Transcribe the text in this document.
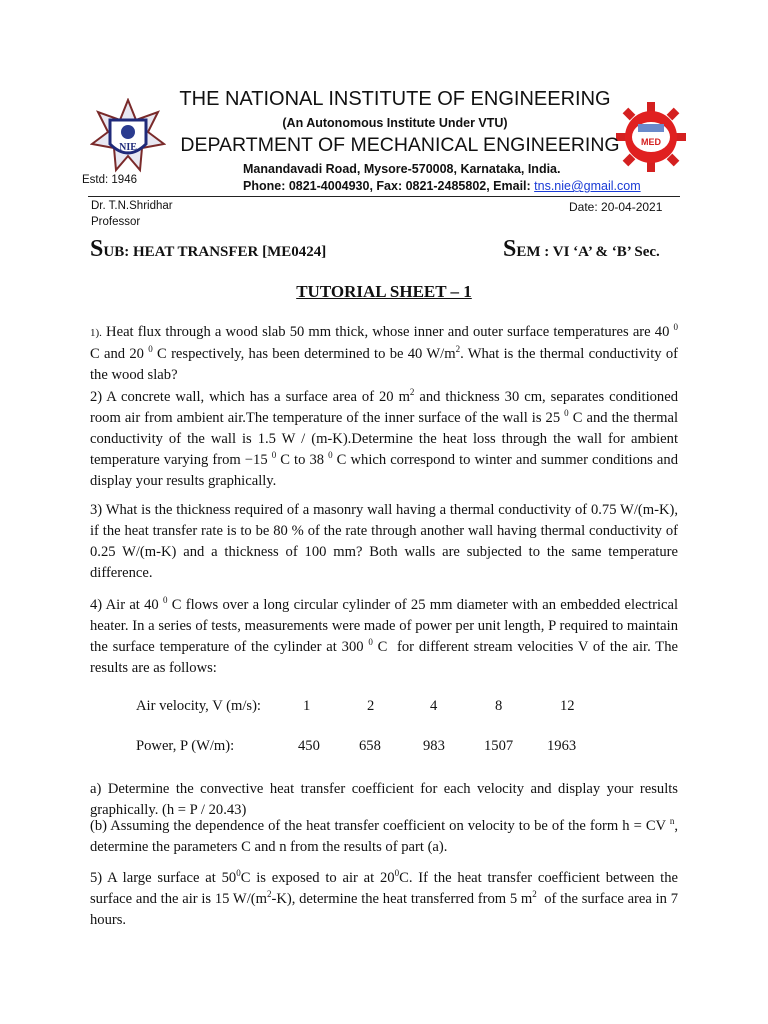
NIE	MED
THE NATIONAL INSTITUTE OF ENGINEERING
(An Autonomous Institute Under VTU)
DEPARTMENT OF MECHANICAL ENGINEERING
Manandavadi Road, Mysore-570008, Karnataka, India.
Phone: 0821-4004930, Fax: 0821-2485802, Email: tns.nie@gmail.com
Estd: 1946
Dr. T.N.Shridhar
Professor
Date: 20-04-2021
SUB: HEAT TRANSFER [ME0424]	SEM : VI ‘A’ & ‘B’ Sec.
TUTORIAL SHEET – 1
1). Heat flux through a wood slab 50 mm thick, whose inner and outer surface temperatures are 40 $^0$ C and 20 $^0$ C respectively, has been determined to be 40 $W/m^2$. What is the thermal conductivity of the wood slab?
2) A concrete wall, which has a surface area of 20 $m^2$ and thickness 30 cm, separates conditioned room air from ambient air.The temperature of the inner surface of the wall is 25 $^0$ C and the thermal conductivity of the wall is 1.5 W / (m-K).Determine the heat loss through the wall for ambient temperature varying from −15 $^0$ C to 38 $^0$ C which correspond to winter and summer conditions and display your results graphically.
3) What is the thickness required of a masonry wall having a thermal conductivity of 0.75 W/(m-K), if the heat transfer rate is to be 80 % of the rate through another wall having thermal conductivity of 0.25 W/(m-K) and a thickness of 100 mm? Both walls are subjected to the same temperature difference.
4) Air at 40 $^0$ C flows over a long circular cylinder of 25 mm diameter with an embedded electrical heater. In a series of tests, measurements were made of power per unit length, P required to maintain the surface temperature of the cylinder at 300 $^0$ C  for different stream velocities V of the air. The results are as follows:
Air velocity, V (m/s):	1	2	4	8	12
Power, P (W/m):	450	658	983	1507 1963
a) Determine the convective heat transfer coefficient for each velocity and display your results graphically. (h = P / 20.43)
(b) Assuming the dependence of the heat transfer coefficient on velocity to be of the form h = CV $^n$, determine the parameters C and n from the results of part (a).
5) A large surface at $50^0C$ is exposed to air at $20^0C$. If the heat transfer coefficient between the surface and the air is 15 $W/(m^2-K)$, determine the heat transferred from 5 $m^2$  of the surface area in 7 hours.
